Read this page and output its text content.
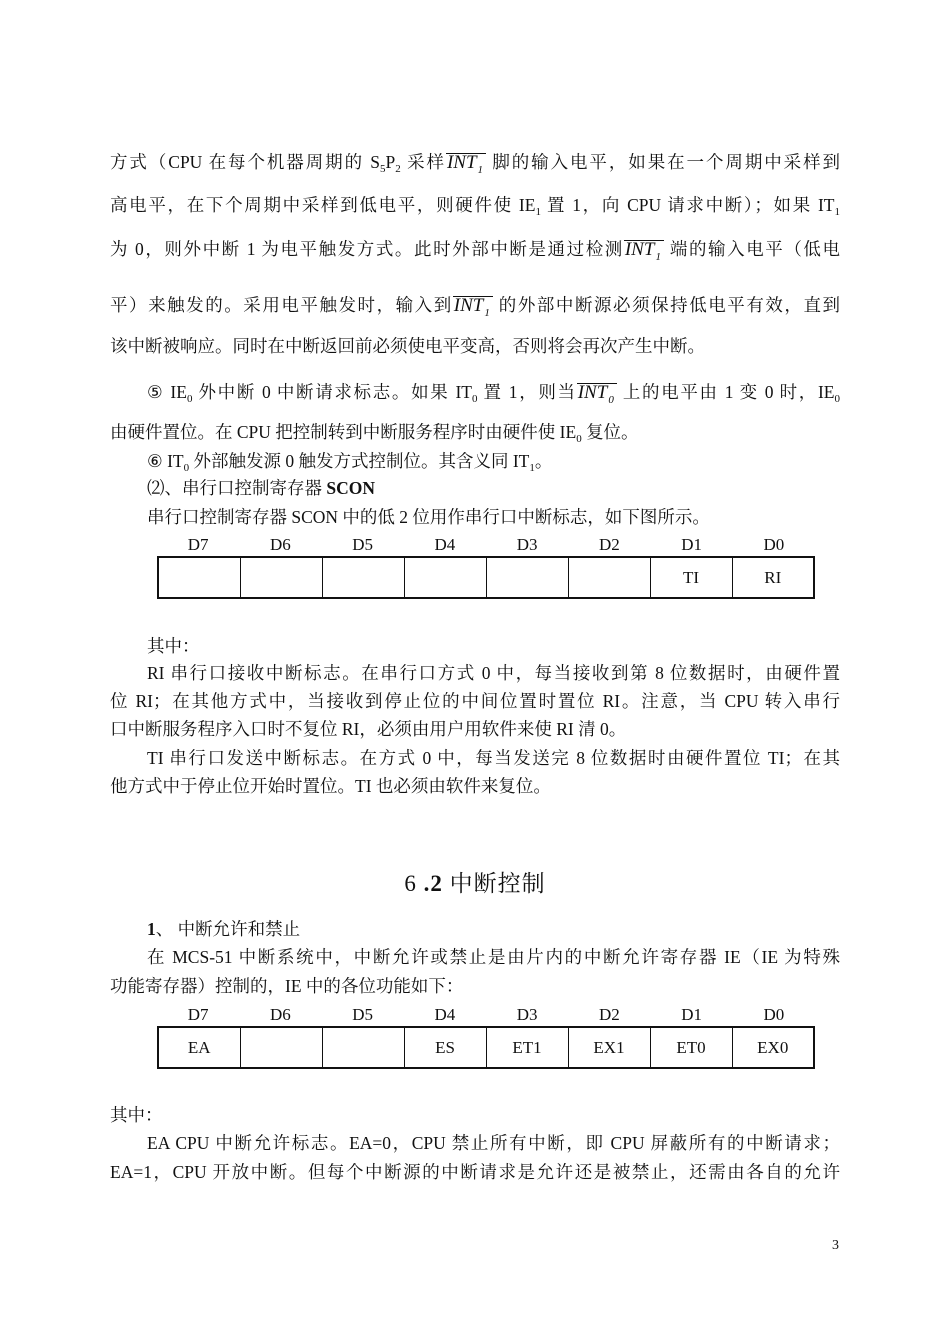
方式（CPU 在每个机器周期的 $S_5P_2$ 采样$INT_1$ 脚的输入电平，如果在一个周期中采样到
高电平，在下个周期中采样到低电平，则硬件使 $IE_1$ 置 1，向 CPU 请求中断）；如果 $IT_1$
为 0，则外中断 1 为电平触发方式。此时外部中断是通过检测$INT_1$ 端的输入电平（低电
平）来触发的。采用电平触发时，输入到$INT_1$ 的外部中断源必须保持低电平有效，直到
该中断被响应。同时在中断返回前必须使电平变高，否则将会再次产生中断。
⑤ $IE_0$ 外中断 0 中断请求标志。如果 $IT_0$ 置 1，则当$INT_0$ 上的电平由 1 变 0 时，$IE_0$
由硬件置位。在 CPU 把控制转到中断服务程序时由硬件使 $IE_0$ 复位。
⑥ $IT_0$ 外部触发源 0 触发方式控制位。其含义同 $IT_1$。
⑵、串行口控制寄存器 SCON
串行口控制寄存器 SCON 中的低 2 位用作串行口中断标志，如下图所示。
D7	D6	D5	D4	D3	D2	D1	D0
						TI	RI
其中：
RI 串行口接收中断标志。在串行口方式 0 中，每当接收到第 8 位数据时，由硬件置
位 RI；在其他方式中，当接收到停止位的中间位置时置位 RI。注意，当 CPU 转入串行
口中断服务程序入口时不复位 RI，必须由用户用软件来使 RI 清 0。
TI 串行口发送中断标志。在方式 0 中，每当发送完 8 位数据时由硬件置位 TI；在其
他方式中于停止位开始时置位。TI 也必须由软件来复位。
6 .2 中断控制
1、 中断允许和禁止
在 MCS-51 中断系统中，中断允许或禁止是由片内的中断允许寄存器 IE（IE 为特殊
功能寄存器）控制的，IE 中的各位功能如下：
D7	D6	D5	D4	D3	D2	D1	D0
EA			ES	ET1	EX1	ET0	EX0
其中：
EA CPU 中断允许标志。EA=0，CPU 禁止所有中断，即 CPU 屏蔽所有的中断请求；
EA=1，CPU 开放中断。但每个中断源的中断请求是允许还是被禁止，还需由各自的允许
3
